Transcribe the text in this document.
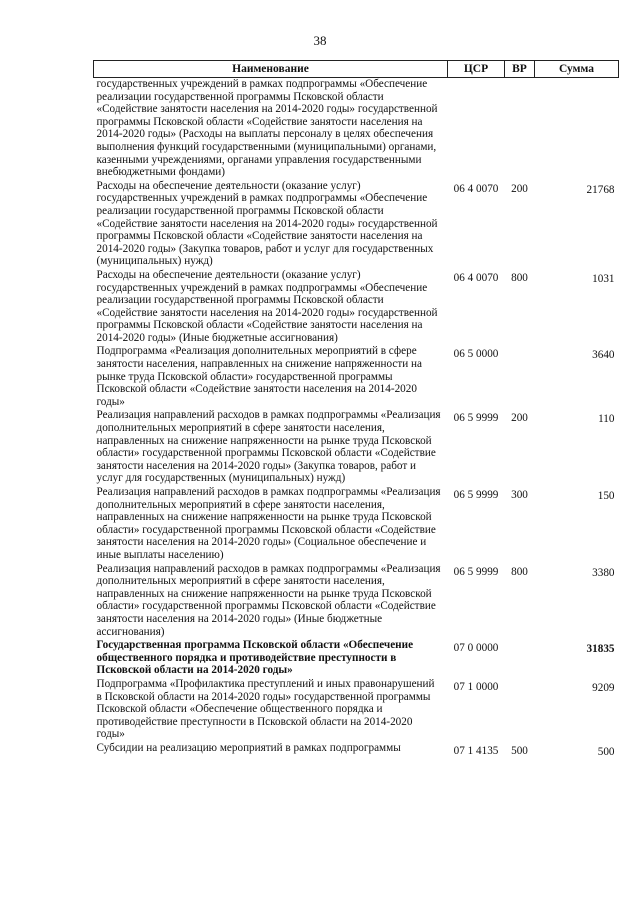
38
Наименование	ЦСР	ВР	Сумма
государственных учреждений в рамках подпрограммы «Обеспечение реализации государственной программы Псковской области «Содействие занятости населения на 2014-2020 годы» государственной программы Псковской области «Содействие занятости населения на 2014-2020 годы» (Расходы на выплаты персоналу в целях обеспечения выполнения функций государственными (муниципальными) органами, казенными учреждениями, органами управления государственными внебюджетными фондами)			
Расходы на обеспечение деятельности (оказание услуг) государственных учреждений в рамках подпрограммы «Обеспечение реализации государственной программы Псковской области «Содействие занятости населения на 2014-2020 годы» государственной программы Псковской области «Содействие занятости населения на 2014-2020 годы» (Закупка товаров, работ и услуг для государственных (муниципальных) нужд)	06 4 0070	200	21768
Расходы на обеспечение деятельности (оказание услуг) государственных учреждений в рамках подпрограммы «Обеспечение реализации государственной программы Псковской области «Содействие занятости населения на 2014-2020 годы» государственной программы Псковской области «Содействие занятости населения на 2014-2020 годы» (Иные бюджетные ассигнования)	06 4 0070	800	1031
Подпрограмма «Реализация дополнительных мероприятий в сфере занятости населения, направленных на снижение напряженности на рынке труда Псковской области» государственной программы Псковской области «Содействие занятости населения на 2014-2020 годы»	06 5 0000		3640
Реализация направлений расходов в рамках подпрограммы «Реализация дополнительных мероприятий в сфере занятости населения, направленных на снижение напряженности на рынке труда Псковской области» государственной программы Псковской области «Содействие занятости населения на 2014-2020 годы» (Закупка товаров, работ и услуг для государственных (муниципальных) нужд)	06 5 9999	200	110
Реализация направлений расходов в рамках подпрограммы «Реализация дополнительных мероприятий в сфере занятости населения, направленных на снижение напряженности на рынке труда Псковской области» государственной программы Псковской области «Содействие занятости населения на 2014-2020 годы» (Социальное обеспечение и иные выплаты населению)	06 5 9999	300	150
Реализация направлений расходов в рамках подпрограммы «Реализация дополнительных мероприятий в сфере занятости населения, направленных на снижение напряженности на рынке труда Псковской области» государственной программы Псковской области «Содействие занятости населения на 2014-2020 годы» (Иные бюджетные ассигнования)	06 5 9999	800	3380
Государственная программа Псковской области «Обеспечение общественного порядка и противодействие преступности в Псковской области на 2014-2020 годы»	07 0 0000		31835
Подпрограмма «Профилактика преступлений и иных правонарушений в Псковской области на 2014-2020 годы» государственной программы Псковской области «Обеспечение общественного порядка и противодействие преступности в Псковской области на 2014-2020 годы»	07 1 0000		9209
Субсидии на реализацию мероприятий в рамках подпрограммы	07 1 4135	500	500
